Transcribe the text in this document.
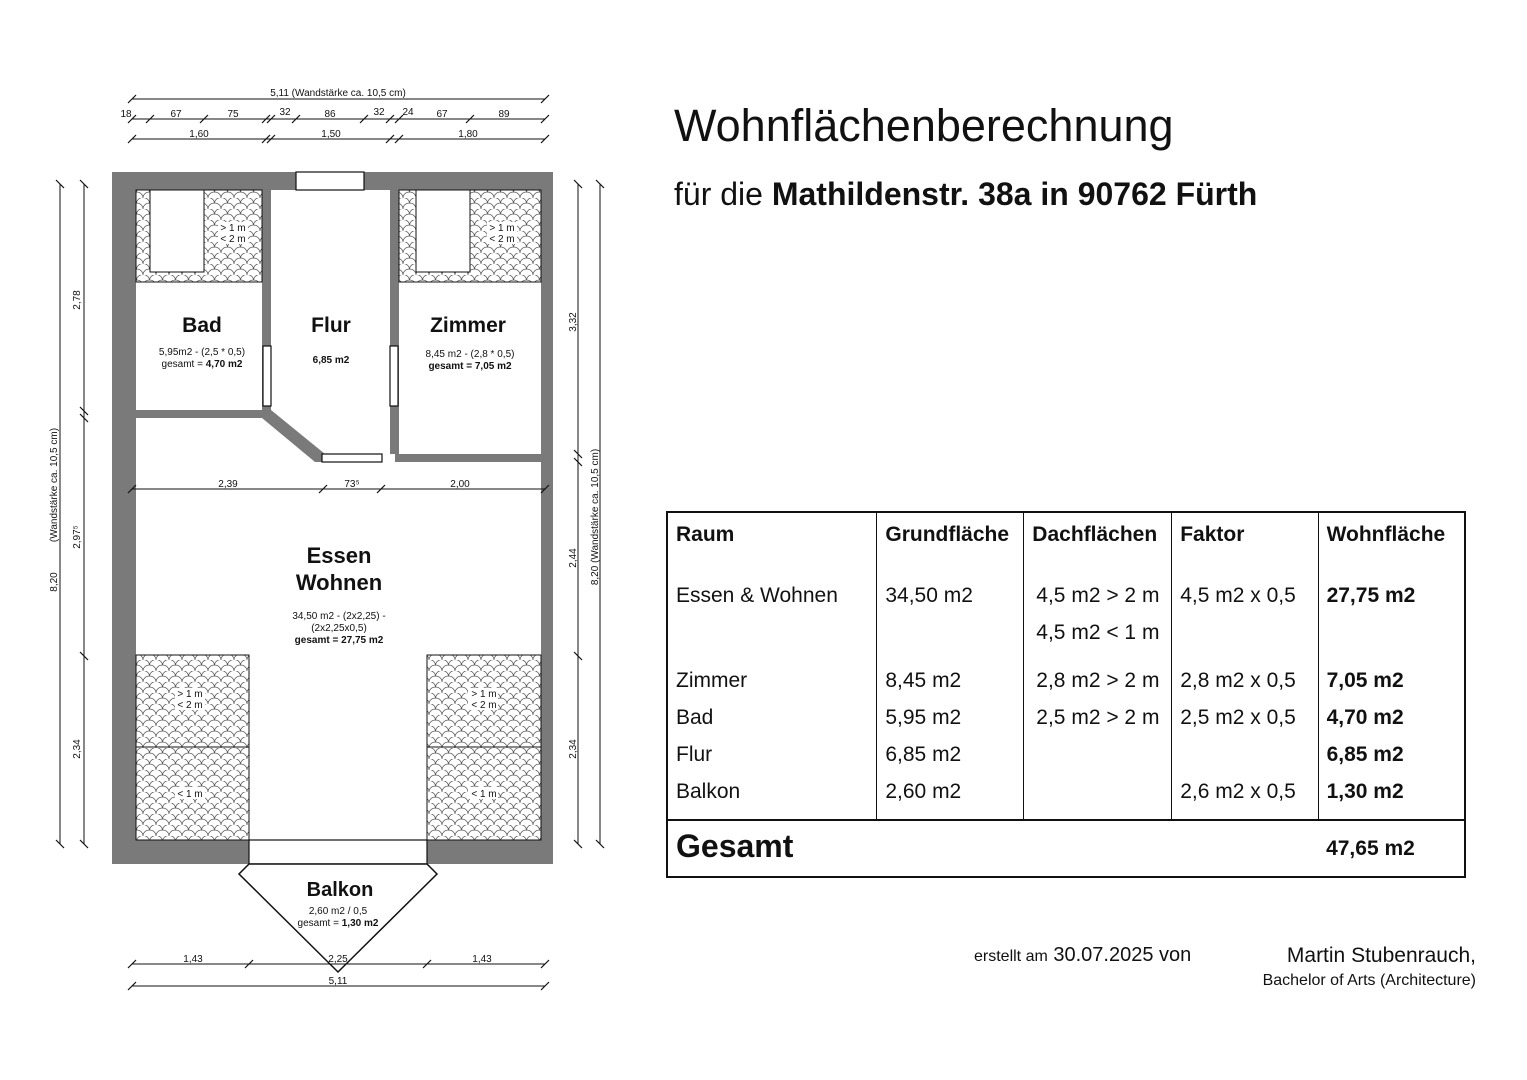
> 1 m
< 2 m
> 1 m
< 2 m
> 1 m
< 2 m
> 1 m
< 2 m
< 1 m	< 1 m
Bad
5,95m2 - (2,5 * 0,5)
gesamt = 4,70 m2
Flur
6,85 m2
Zimmer
8,45 m2 - (2,8 * 0,5)
gesamt = 7,05 m2
Essen
Wohnen
34,50 m2 - (2x2,25) -
(2x2,25x0,5)
gesamt = 27,75 m2
Balkon
2,60 m2 / 0,5
gesamt = 1,30 m2
5,11 (Wandstärke ca. 10,5 cm)
18	67	75	32	86	32 24 67	89
1,60	1,50	1,80
2,39	73⁵	2,00
1,43	2,25	1,43
5,11
8,20
(Wandstärke ca. 10,5 cm)
2,78
2,97⁵
2,34
8,20 (Wandstärke ca. 10,5 cm)
3,32
2,44
2,34
Wohnflächenberechnung
für die Mathildenstr. 38a in 90762 Fürth
Raum	Grundfläche	Dachflächen	Faktor	Wohnfläche
Essen & Wohnen	34,50 m2	4,5 m2 > 2 m	4,5 m2 x 0,5	27,75 m2
		4,5 m2 < 1 m		
Zimmer	8,45 m2	2,8 m2 > 2 m	2,8 m2 x 0,5	7,05 m2
Bad	5,95 m2	2,5 m2 > 2 m	2,5 m2 x 0,5	4,70 m2
Flur	6,85 m2			6,85 m2
Balkon	2,60 m2		2,6 m2 x 0,5	1,30 m2
Gesamt				47,65 m2
erstellt am 30.07.2025 von	Martin Stubenrauch,
Bachelor of Arts (Architecture)
